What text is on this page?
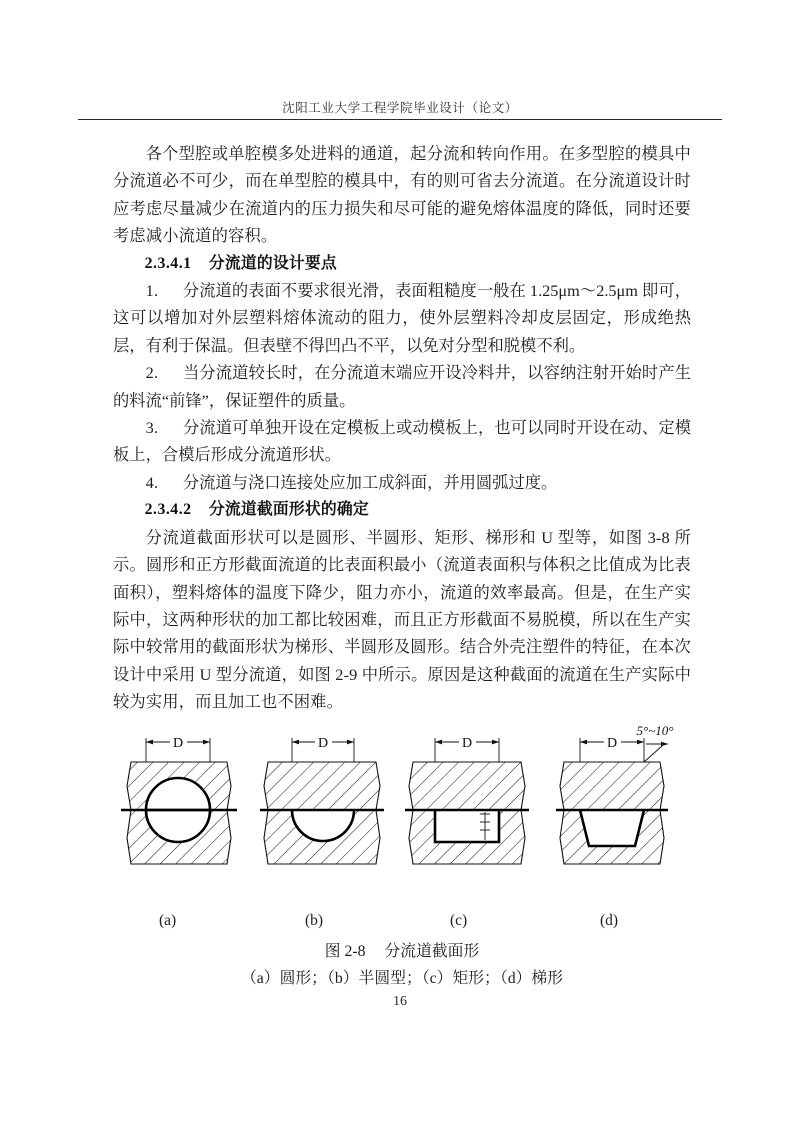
沈阳工业大学工程学院毕业设计（论文）

各个型腔或单腔模多处进料的通道，起分流和转向作用。在多型腔的模具中分流道必不可少，而在单型腔的模具中，有的则可省去分流道。在分流道设计时应考虑尽量减少在流道内的压力损失和尽可能的避免熔体温度的降低，同时还要考虑减小流道的容积。

2.3.4.1 分流道的设计要点

1. 分流道的表面不要求很光滑，表面粗糙度一般在 1.25μm～2.5μm 即可，这可以增加对外层塑料熔体流动的阻力，使外层塑料冷却皮层固定，形成绝热层，有利于保温。但表壁不得凹凸不平，以免对分型和脱模不利。

2. 当分流道较长时，在分流道末端应开设冷料井，以容纳注射开始时产生的料流“前锋”，保证塑件的质量。

3. 分流道可单独开设在定模板上或动模板上，也可以同时开设在动、定模板上，合模后形成分流道形状。

4. 分流道与浇口连接处应加工成斜面，并用圆弧过度。

2.3.4.2 分流道截面形状的确定

分流道截面形状可以是圆形、半圆形、矩形、梯形和 U 型等，如图 3-8 所示。圆形和正方形截面流道的比表面积最小（流道表面积与体积之比值成为比表面积），塑料熔体的温度下降少，阻力亦小，流道的效率最高。但是，在生产实际中，这两种形状的加工都比较困难，而且正方形截面不易脱模，所以在生产实际中较常用的截面形状为梯形、半圆形及圆形。结合外壳注塑件的特征，在本次设计中采用 U 型分流道，如图 2-9 中所示。原因是这种截面的流道在生产实际中较为实用，而且加工也不困难。

D	D	D	D
5°~10°
(a)	(b)	(c)	(d)
图 2-8 分流道截面形
（a）圆形；（b）半圆型；（c）矩形；（d）梯形
16
